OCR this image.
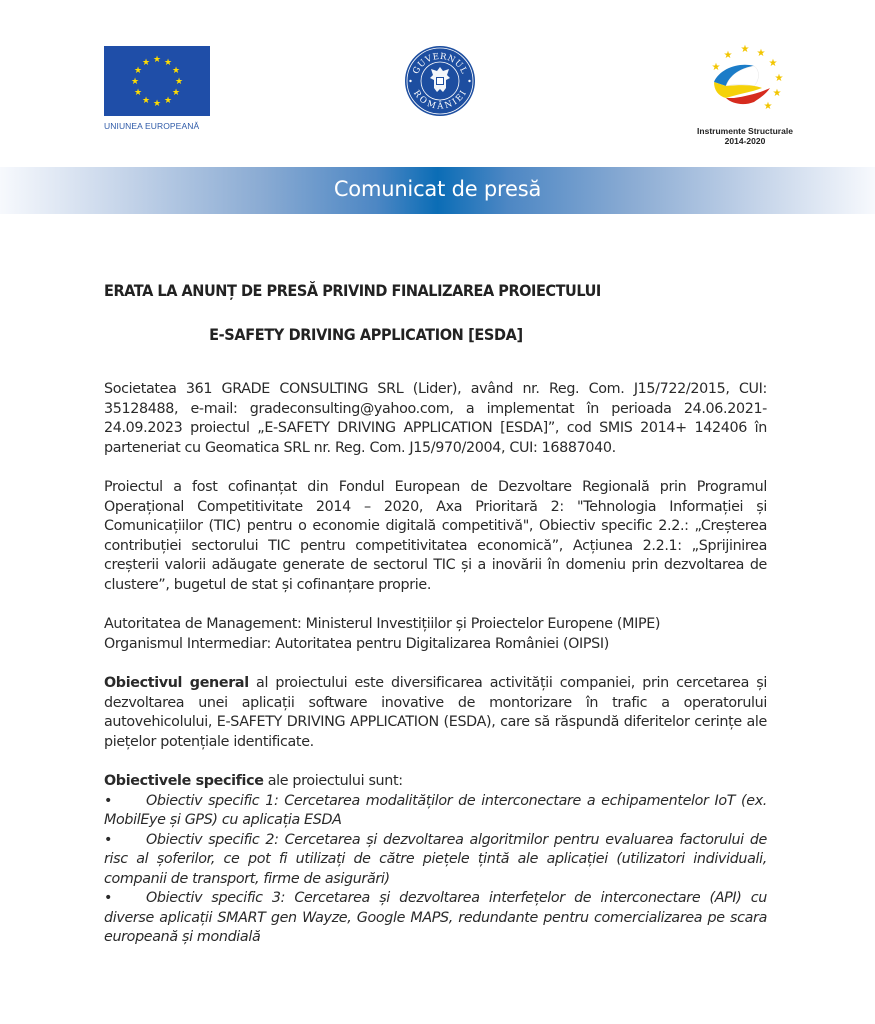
★ ★
★
★
★
★
★
★
★
★
★
★
UNIUNEA EUROPEANĂ
GUVERNUL
ROMÂNIEI
★
★ ★
★
★
★
★
★
Instrumente Structurale
2014-2020
Comunicat de presă
ERATA LA ANUNȚ DE PRESĂ PRIVIND FINALIZAREA PROIECTULUI
E-SAFETY DRIVING APPLICATION [ESDA]

Societatea 361 GRADE CONSULTING SRL (Lider), având nr. Reg. Com. J15/722/2015, CUI: 35128488, e-mail: gradeconsulting@yahoo.com, a implementat în perioada 24.06.2021-24.09.2023 proiectul „E-SAFETY DRIVING APPLICATION [ESDA]”, cod SMIS 2014+ 142406 în parteneriat cu Geomatica SRL nr. Reg. Com. J15/970/2004, CUI: 16887040.

Proiectul a fost cofinanțat din Fondul European de Dezvoltare Regională prin Programul Operațional Competitivitate 2014 – 2020, Axa Prioritară 2: "Tehnologia Informației și Comunicațiilor (TIC) pentru o economie digitală competitivă", Obiectiv specific 2.2.: „Creșterea contribuției sectorului TIC pentru competitivitatea economică”, Acțiunea 2.2.1: „Sprijinirea creșterii valorii adăugate generate de sectorul TIC și a inovării în domeniu prin dezvoltarea de clustere”, bugetul de stat și cofinanțare proprie.

Autoritatea de Management: Ministerul Investițiilor și Proiectelor Europene (MIPE)

Organismul Intermediar: Autoritatea pentru Digitalizarea României (OIPSI)

Obiectivul general al proiectului este diversificarea activității companiei, prin cercetarea și dezvoltarea unei aplicații software inovative de montorizare în trafic a operatorului autovehicolului, E-SAFETY DRIVING APPLICATION (ESDA), care să răspundă diferitelor cerințe ale piețelor potențiale identificate.

Obiectivele specifice ale proiectului sunt:

• Obiectiv specific 1: Cercetarea modalităților de interconectare a echipamentelor IoT (ex. MobilEye și GPS) cu aplicația ESDA
• Obiectiv specific 2: Cercetarea și dezvoltarea algoritmilor pentru evaluarea factorului de risc al șoferilor, ce pot fi utilizați de către piețele țintă ale aplicației (utilizatori individuali, companii de transport, firme de asigurări)
• Obiectiv specific 3: Cercetarea și dezvoltarea interfețelor de interconectare (API) cu diverse aplicații SMART gen Wayze, Google MAPS, redundante pentru comercializarea pe scara europeană și mondială
